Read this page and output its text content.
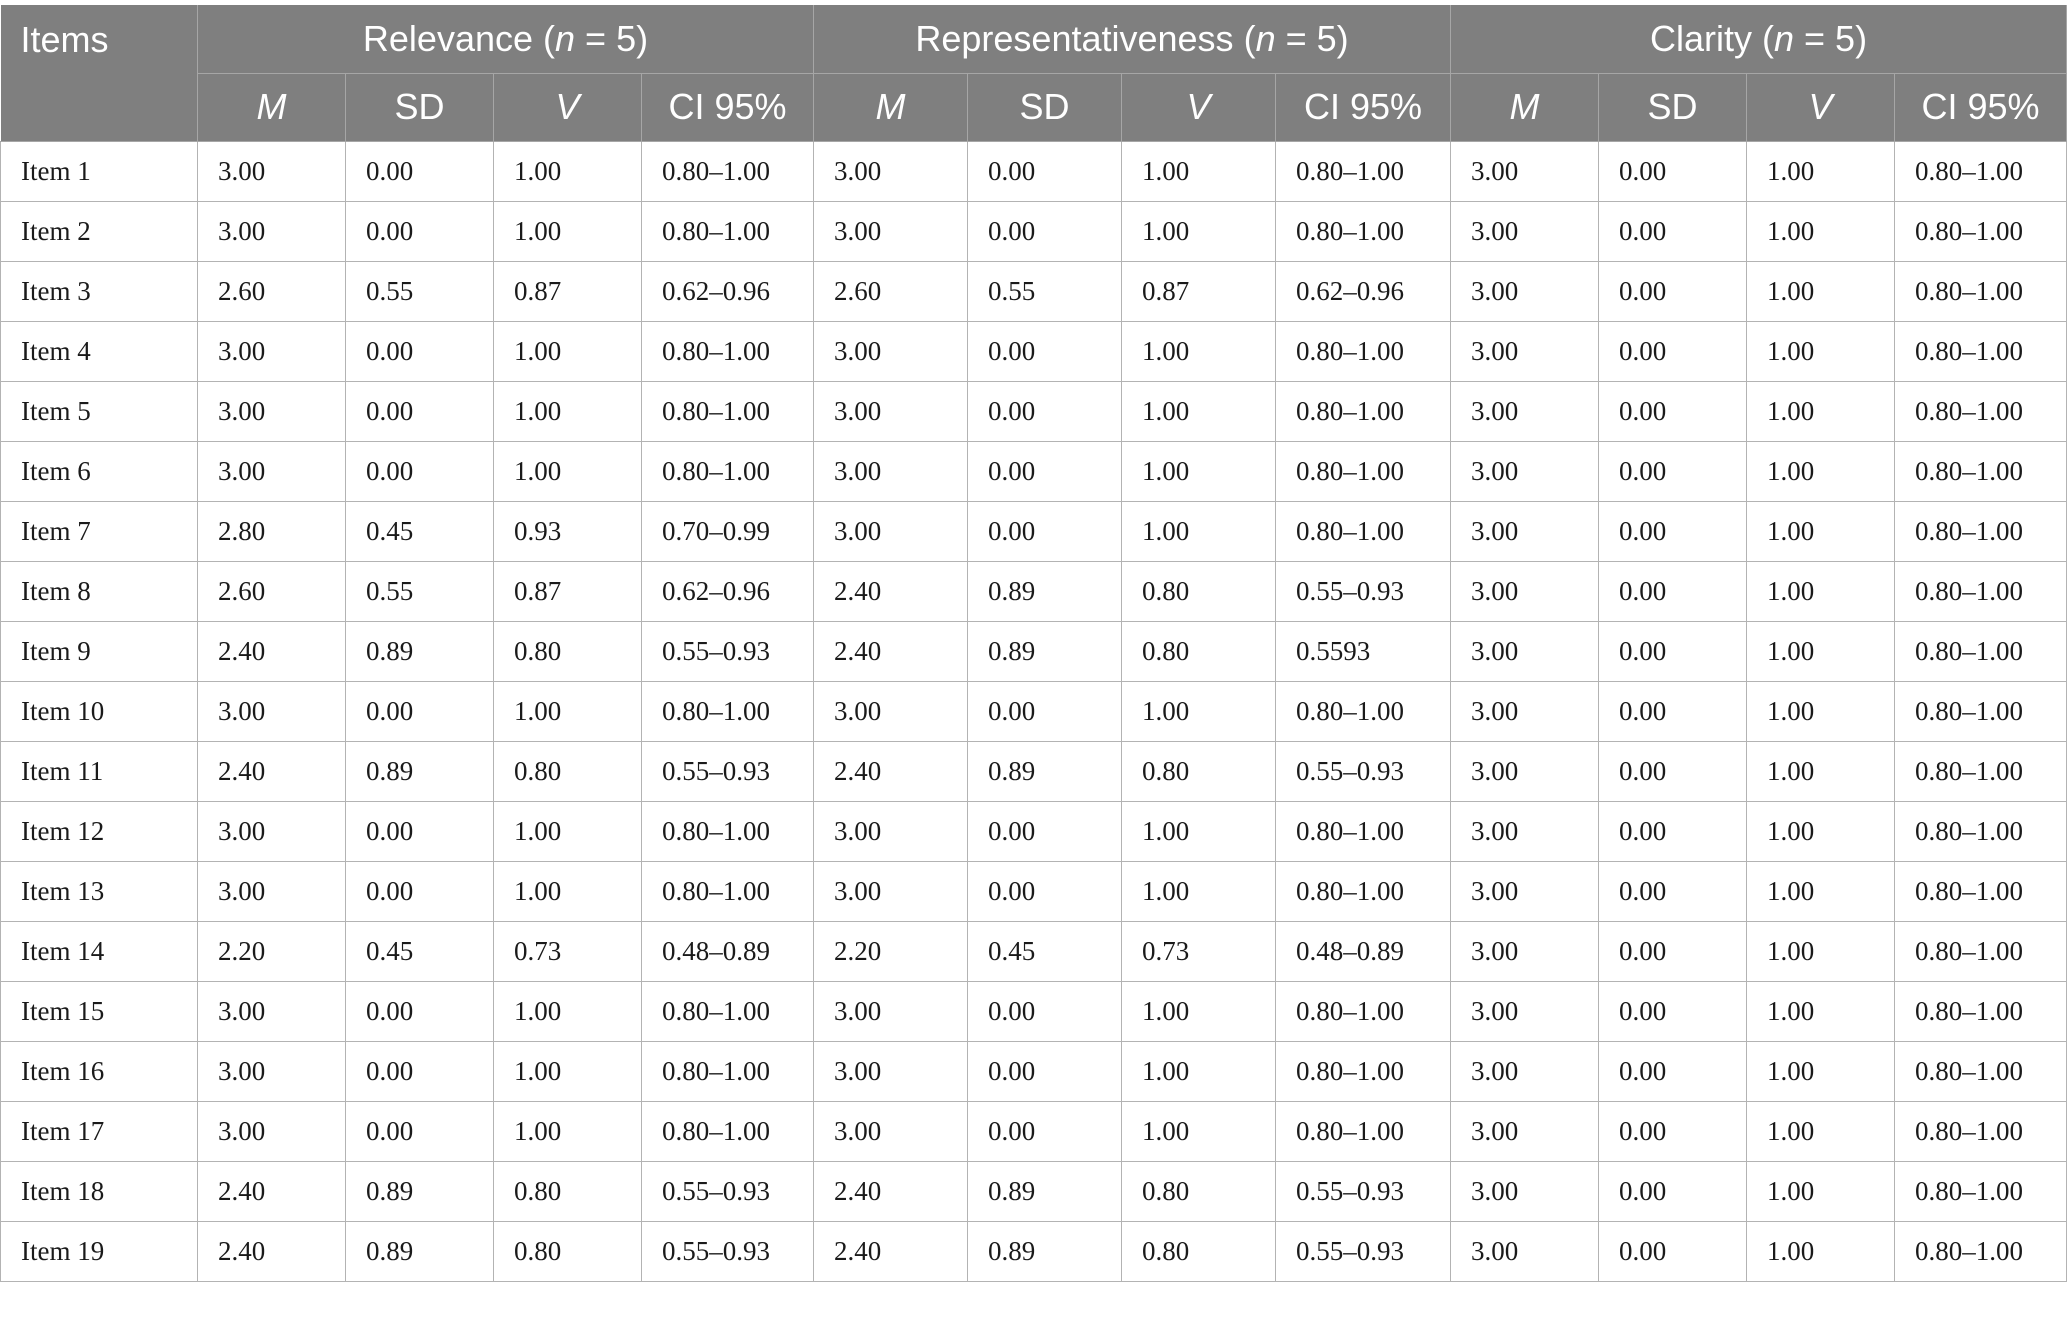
Items	Relevance (n = 5)				Representativeness (n = 5)				Clarity (n = 5)			
	M	SD	V	CI 95%	M	SD	V	CI 95%	M	SD	V	CI 95%
Item 1	3.00	0.00	1.00	0.80–1.00	3.00	0.00	1.00	0.80–1.00	3.00	0.00	1.00	0.80–1.00
Item 2	3.00	0.00	1.00	0.80–1.00	3.00	0.00	1.00	0.80–1.00	3.00	0.00	1.00	0.80–1.00
Item 3	2.60	0.55	0.87	0.62–0.96	2.60	0.55	0.87	0.62–0.96	3.00	0.00	1.00	0.80–1.00
Item 4	3.00	0.00	1.00	0.80–1.00	3.00	0.00	1.00	0.80–1.00	3.00	0.00	1.00	0.80–1.00
Item 5	3.00	0.00	1.00	0.80–1.00	3.00	0.00	1.00	0.80–1.00	3.00	0.00	1.00	0.80–1.00
Item 6	3.00	0.00	1.00	0.80–1.00	3.00	0.00	1.00	0.80–1.00	3.00	0.00	1.00	0.80–1.00
Item 7	2.80	0.45	0.93	0.70–0.99	3.00	0.00	1.00	0.80–1.00	3.00	0.00	1.00	0.80–1.00
Item 8	2.60	0.55	0.87	0.62–0.96	2.40	0.89	0.80	0.55–0.93	3.00	0.00	1.00	0.80–1.00
Item 9	2.40	0.89	0.80	0.55–0.93	2.40	0.89	0.80	0.5593	3.00	0.00	1.00	0.80–1.00
Item 10	3.00	0.00	1.00	0.80–1.00	3.00	0.00	1.00	0.80–1.00	3.00	0.00	1.00	0.80–1.00
Item 11	2.40	0.89	0.80	0.55–0.93	2.40	0.89	0.80	0.55–0.93	3.00	0.00	1.00	0.80–1.00
Item 12	3.00	0.00	1.00	0.80–1.00	3.00	0.00	1.00	0.80–1.00	3.00	0.00	1.00	0.80–1.00
Item 13	3.00	0.00	1.00	0.80–1.00	3.00	0.00	1.00	0.80–1.00	3.00	0.00	1.00	0.80–1.00
Item 14	2.20	0.45	0.73	0.48–0.89	2.20	0.45	0.73	0.48–0.89	3.00	0.00	1.00	0.80–1.00
Item 15	3.00	0.00	1.00	0.80–1.00	3.00	0.00	1.00	0.80–1.00	3.00	0.00	1.00	0.80–1.00
Item 16	3.00	0.00	1.00	0.80–1.00	3.00	0.00	1.00	0.80–1.00	3.00	0.00	1.00	0.80–1.00
Item 17	3.00	0.00	1.00	0.80–1.00	3.00	0.00	1.00	0.80–1.00	3.00	0.00	1.00	0.80–1.00
Item 18	2.40	0.89	0.80	0.55–0.93	2.40	0.89	0.80	0.55–0.93	3.00	0.00	1.00	0.80–1.00
Item 19	2.40	0.89	0.80	0.55–0.93	2.40	0.89	0.80	0.55–0.93	3.00	0.00	1.00	0.80–1.00
